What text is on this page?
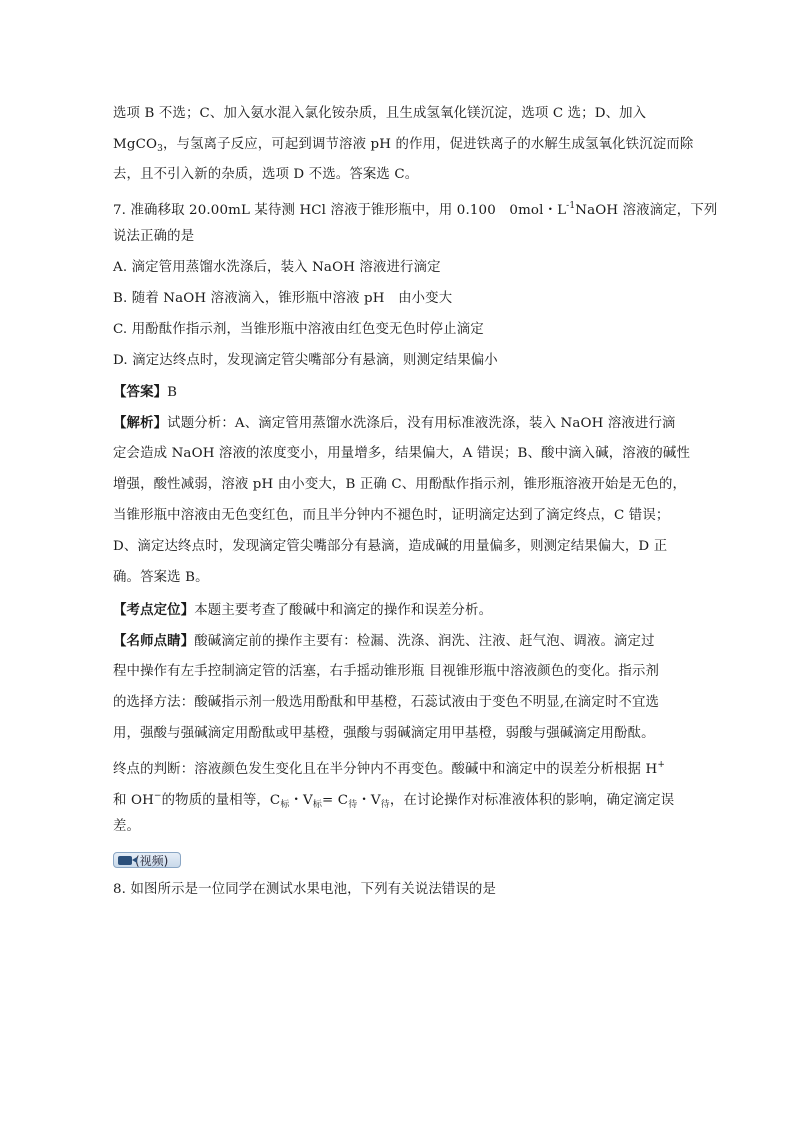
选项 B 不选；C、加入氨水混入氯化铵杂质，且生成氢氧化镁沉淀，选项 C 选；D、加入
MgCO$_3$，与氢离子反应，可起到调节溶液 pH 的作用，促进铁离子的水解生成氢氧化铁沉淀而除
去，且不引入新的杂质，选项 D 不选。答案选 C。
7. 准确移取 20.00mL 某待测 HCl 溶液于锥形瓶中，用 0.100　0mol・$L^{-1}NaOH$ 溶液滴定，下列
说法正确的是
A. 滴定管用蒸馏水洗涤后，装入 NaOH 溶液进行滴定
B. 随着 NaOH 溶液滴入，锥形瓶中溶液 pH　由小变大
C. 用酚酞作指示剂，当锥形瓶中溶液由红色变无色时停止滴定
D. 滴定达终点时，发现滴定管尖嘴部分有悬滴，则测定结果偏小
【答案】B
【解析】试题分析：A、滴定管用蒸馏水洗涤后，没有用标准液洗涤，装入 NaOH 溶液进行滴
定会造成 NaOH 溶液的浓度变小，用量增多，结果偏大，A 错误；B、酸中滴入碱，溶液的碱性
增强，酸性减弱，溶液 pH 由小变大，B 正确 C、用酚酞作指示剂，锥形瓶溶液开始是无色的，
当锥形瓶中溶液由无色变红色，而且半分钟内不褪色时，证明滴定达到了滴定终点，C 错误；
D、滴定达终点时，发现滴定管尖嘴部分有悬滴，造成碱的用量偏多，则测定结果偏大，D 正
确。答案选 B。
【考点定位】本题主要考查了酸碱中和滴定的操作和误差分析。
【名师点睛】酸碱滴定前的操作主要有：检漏、洗涤、润洗、注液、赶气泡、调液。滴定过
程中操作有左手控制滴定管的活塞，右手摇动锥形瓶 目视锥形瓶中溶液颜色的变化。指示剂
的选择方法：酸碱指示剂一般选用酚酞和甲基橙，石蕊试液由于变色不明显,在滴定时不宜选
用，强酸与强碱滴定用酚酞或甲基橙，强酸与弱碱滴定用甲基橙，弱酸与强碱滴定用酚酞。
终点的判断：溶液颜色发生变化且在半分钟内不再变色。酸碱中和滴定中的误差分析根据 H+
和 OH−的物质的量相等，$C_标$・$V_标= C_待$・$V_待$，在讨论操作对标准液体积的影响，确定滴定误
差。
(视频)
8. 如图所示是一位同学在测试水果电池，下列有关说法错误的是
